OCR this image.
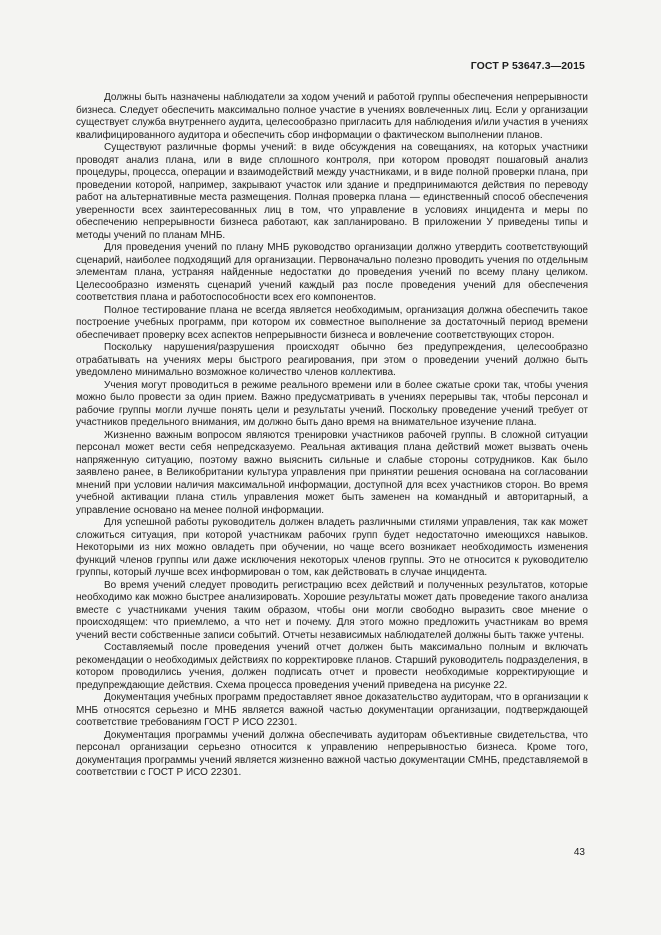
ГОСТ Р 53647.3—2015

Должны быть назначены наблюдатели за ходом учений и работой группы обеспечения непрерывности бизнеса. Следует обеспечить максимально полное участие в учениях вовлеченных лиц. Если у организации существует служба внутреннего аудита, целесообразно пригласить для наблюдения и/или участия в учениях квалифицированного аудитора и обеспечить сбор информации о фактическом выполнении планов.

Существуют различные формы учений: в виде обсуждения на совещаниях, на которых участники проводят анализ плана, или в виде сплошного контроля, при котором проводят пошаговый анализ процедуры, процесса, операции и взаимодействий между участниками, и в виде полной проверки плана, при проведении которой, например, закрывают участок или здание и предпринимаются действия по переводу работ на альтернативные места размещения. Полная проверка плана — единственный способ обеспечения уверенности всех заинтересованных лиц в том, что управление в условиях инцидента и меры по обеспечению непрерывности бизнеса работают, как запланировано. В приложении У приведены типы и методы учений по планам МНБ.

Для проведения учений по плану МНБ руководство организации должно утвердить соответствующий сценарий, наиболее подходящий для организации. Первоначально полезно проводить учения по отдельным элементам плана, устраняя найденные недостатки до проведения учений по всему плану целиком. Целесообразно изменять сценарий учений каждый раз после проведения учений для обеспечения соответствия плана и работоспособности всех его компонентов.

Полное тестирование плана не всегда является необходимым, организация должна обеспечить такое построение учебных программ, при котором их совместное выполнение за достаточный период времени обеспечивает проверку всех аспектов непрерывности бизнеса и вовлечение соответствующих сторон.

Поскольку нарушения/разрушения происходят обычно без предупреждения, целесообразно отрабатывать на учениях меры быстрого реагирования, при этом о проведении учений должно быть уведомлено минимально возможное количество членов коллектива.

Учения могут проводиться в режиме реального времени или в более сжатые сроки так, чтобы учения можно было провести за один прием. Важно предусматривать в учениях перерывы так, чтобы персонал и рабочие группы могли лучше понять цели и результаты учений. Поскольку проведение учений требует от участников предельного внимания, им должно быть дано время на внимательное изучение плана.

Жизненно важным вопросом являются тренировки участников рабочей группы. В сложной ситуации персонал может вести себя непредсказуемо. Реальная активация плана действий может вызвать очень напряженную ситуацию, поэтому важно выяснить сильные и слабые стороны сотрудников. Как было заявлено ранее, в Великобритании культура управления при принятии решения основана на согласовании мнений при условии наличия максимальной информации, доступной для всех участников сторон. Во время учебной активации плана стиль управления может быть заменен на командный и авторитарный, а управление основано на менее полной информации.

Для успешной работы руководитель должен владеть различными стилями управления, так как может сложиться ситуация, при которой участникам рабочих групп будет недостаточно имеющихся навыков. Некоторыми из них можно овладеть при обучении, но чаще всего возникает необходимость изменения функций членов группы или даже исключения некоторых членов группы. Это не относится к руководителю группы, который лучше всех информирован о том, как действовать в случае инцидента.

Во время учений следует проводить регистрацию всех действий и полученных результатов, которые необходимо как можно быстрее анализировать. Хорошие результаты может дать проведение такого анализа вместе с участниками учения таким образом, чтобы они могли свободно выразить свое мнение о происходящем: что приемлемо, а что нет и почему. Для этого можно предложить участникам во время учений вести собственные записи событий. Отчеты независимых наблюдателей должны быть также учтены.

Составляемый после проведения учений отчет должен быть максимально полным и включать рекомендации о необходимых действиях по корректировке планов. Старший руководитель подразделения, в котором проводились учения, должен подписать отчет и провести необходимые корректирующие и предупреждающие действия. Схема процесса проведения учений приведена на рисунке 22.

Документация учебных программ предоставляет явное доказательство аудиторам, что в организации к МНБ относятся серьезно и МНБ является важной частью документации организации, подтверждающей соответствие требованиям ГОСТ Р ИСО 22301.

Документация программы учений должна обеспечивать аудиторам объективные свидетельства, что персонал организации серьезно относится к управлению непрерывностью бизнеса. Кроме того, документация программы учений является жизненно важной частью документации СМНБ, представляемой в соответствии с ГОСТ Р ИСО 22301.

43
